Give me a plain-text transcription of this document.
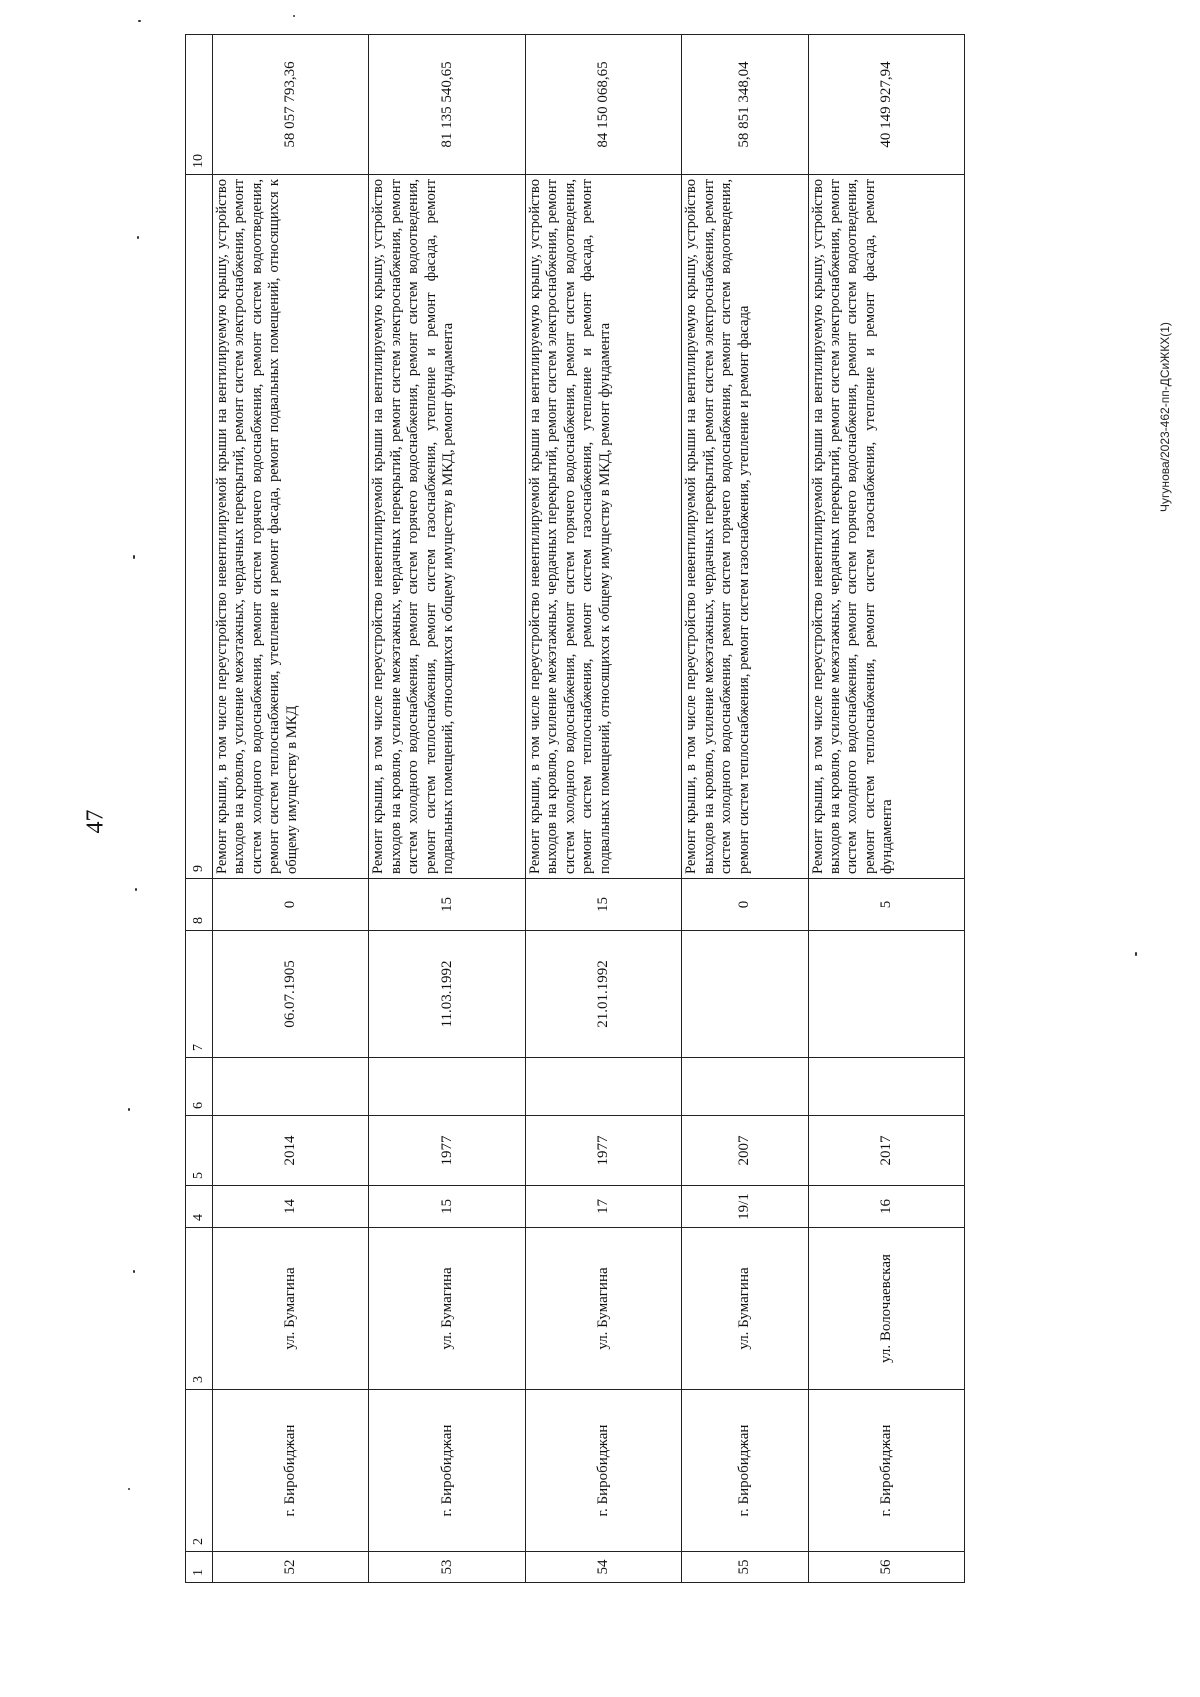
47
Чугунова/2023-462-пп-ДСиЖКХ(1)
1	2	3	4	5	6	7	8	9	10
52	г. Биробиджан	ул. Бумагина	14	2014		06.07.1905	0	Ремонт крыши, в том числе переустройство невентилируемой крыши на вентилируемую крышу, устройство выходов на кровлю, усиление межэтажных, чердачных перекрытий, ремонт систем электроснабжения, ремонт систем холодного водоснабжения, ремонт систем горячего водоснабжения, ремонт систем водоотведения, ремонт систем теплоснабжения, утепление и ремонт фасада, ремонт подвальных помещений, относящихся к общему имуществу в МКД	58 057 793,36
53	г. Биробиджан	ул. Бумагина	15	1977		11.03.1992	15	Ремонт крыши, в том числе переустройство невентилируемой крыши на вентилируемую крышу, устройство выходов на кровлю, усиление межэтажных, чердачных перекрытий, ремонт систем электроснабжения, ремонт систем холодного водоснабжения, ремонт систем горячего водоснабжения, ремонт систем водоотведения, ремонт систем теплоснабжения, ремонт систем газоснабжения, утепление и ремонт фасада, ремонт подвальных помещений, относящихся к общему имуществу в МКД, ремонт фундамента	81 135 540,65
54	г. Биробиджан	ул. Бумагина	17	1977		21.01.1992	15	Ремонт крыши, в том числе переустройство невентилируемой крыши на вентилируемую крышу, устройство выходов на кровлю, усиление межэтажных, чердачных перекрытий, ремонт систем электроснабжения, ремонт систем холодного водоснабжения, ремонт систем горячего водоснабжения, ремонт систем водоотведения, ремонт систем теплоснабжения, ремонт систем газоснабжения, утепление и ремонт фасада, ремонт подвальных помещений, относящихся к общему имуществу в МКД, ремонт фундамента	84 150 068,65
55	г. Биробиджан	ул. Бумагина	19/1	2007			0	Ремонт крыши, в том числе переустройство невентилируемой крыши на вентилируемую крышу, устройство выходов на кровлю, усиление межэтажных, чердачных перекрытий, ремонт систем электроснабжения, ремонт систем холодного водоснабжения, ремонт систем горячего водоснабжения, ремонт систем водоотведения, ремонт систем теплоснабжения, ремонт систем газоснабжения, утепление и ремонт фасада	58 851 348,04
56	г. Биробиджан	ул. Волочаевская	16	2017			5	Ремонт крыши, в том числе переустройство невентилируемой крыши на вентилируемую крышу, устройство выходов на кровлю, усиление межэтажных, чердачных перекрытий, ремонт систем электроснабжения, ремонт систем холодного водоснабжения, ремонт систем горячего водоснабжения, ремонт систем водоотведения, ремонт систем теплоснабжения, ремонт систем газоснабжения, утепление и ремонт фасада, ремонт фундамента	40 149 927,94
